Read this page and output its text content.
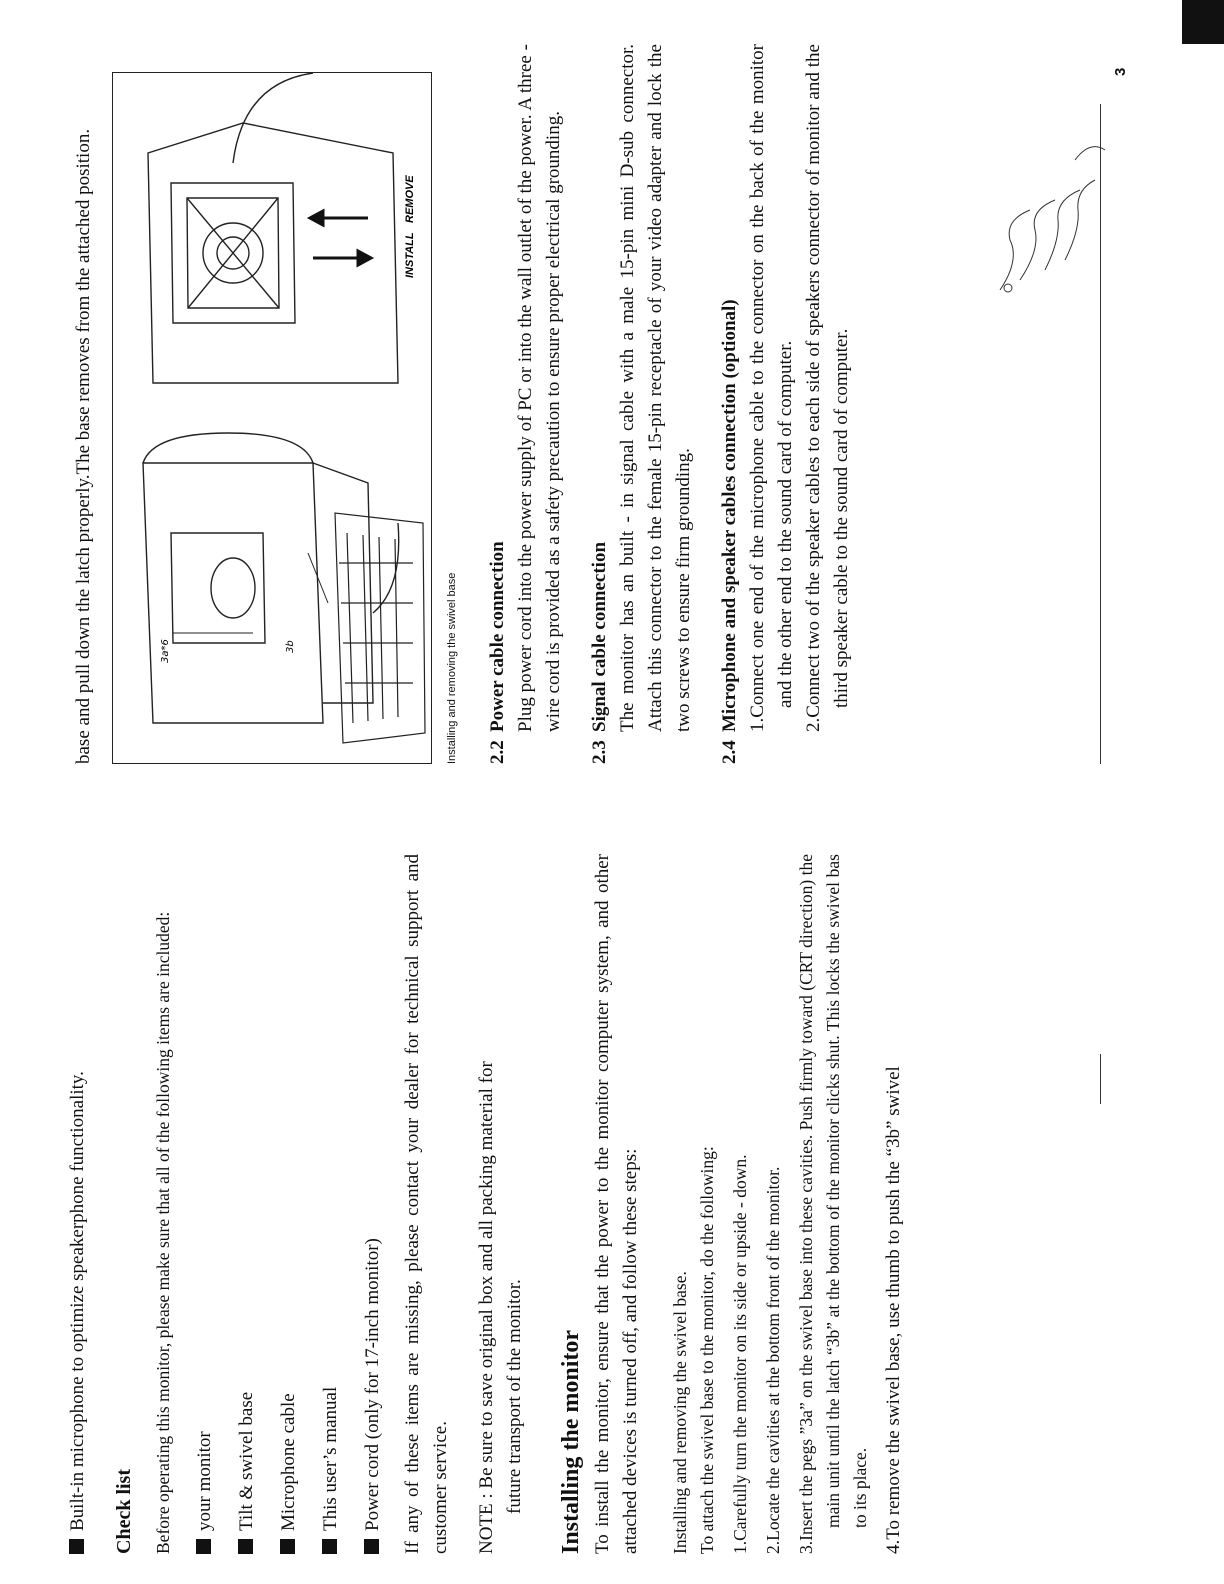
Built-in microphone to optimize speakerphone functionality. Check list Before operating this monitor, please make sure that all of the following items are included: your monitor Tilt & swivel base Microphone cable This user’s manual Power cord (only for 17-inch monitor) If any of these items are missing, please contact your dealer for technical support and customer service. NOTE : Be sure to save original box and all packing material for future transport of the monitor. Installing the monitor To install the monitor, ensure that the power to the monitor computer system, and other attached devices is turned off, and follow these steps: Installing and removing the swivel base. To attach the swivel base to the monitor, do the following: 1.Carefully turn the monitor on its side or upside - down. 2.Locate the cavities at the bottom front of the monitor. 3.Insert the pegs ”3a” on the swivel base into these cavities. Push firmly toward (CRT direction) the main unit until the latch “3b” at the bottom of the monitor clicks shut. This locks the swivel bas to its place. 4.To remove the swivel base, use thumb to push the “3b” swivel

base and pull down the latch properly.The base removes from the attached position.	3a*6	3b
INSTALL
REMOVE

Installing and removing the swivel base	2.2Power cable connection Plug power cord into the power supply of PC or into the wall outlet of the power. A three - wire cord is provided as a safety precaution to ensure proper electrical grounding.

2.3Signal cable connection The monitor has an built - in signal cable with a male 15-pin mini D-sub connector. Attach this connector to the female 15-pin receptacle of your video adapter and lock the two screws to ensure firm grounding.

2.4Microphone and speaker cables connection (optional) 1.Connect one end of the microphone cable to the connector on the back of the monitor and the other end to the sound card of computer. 2.Connect two of the speaker cables to each side of speakers connector of monitor and the third speaker cable to the sound card of computer.

3
